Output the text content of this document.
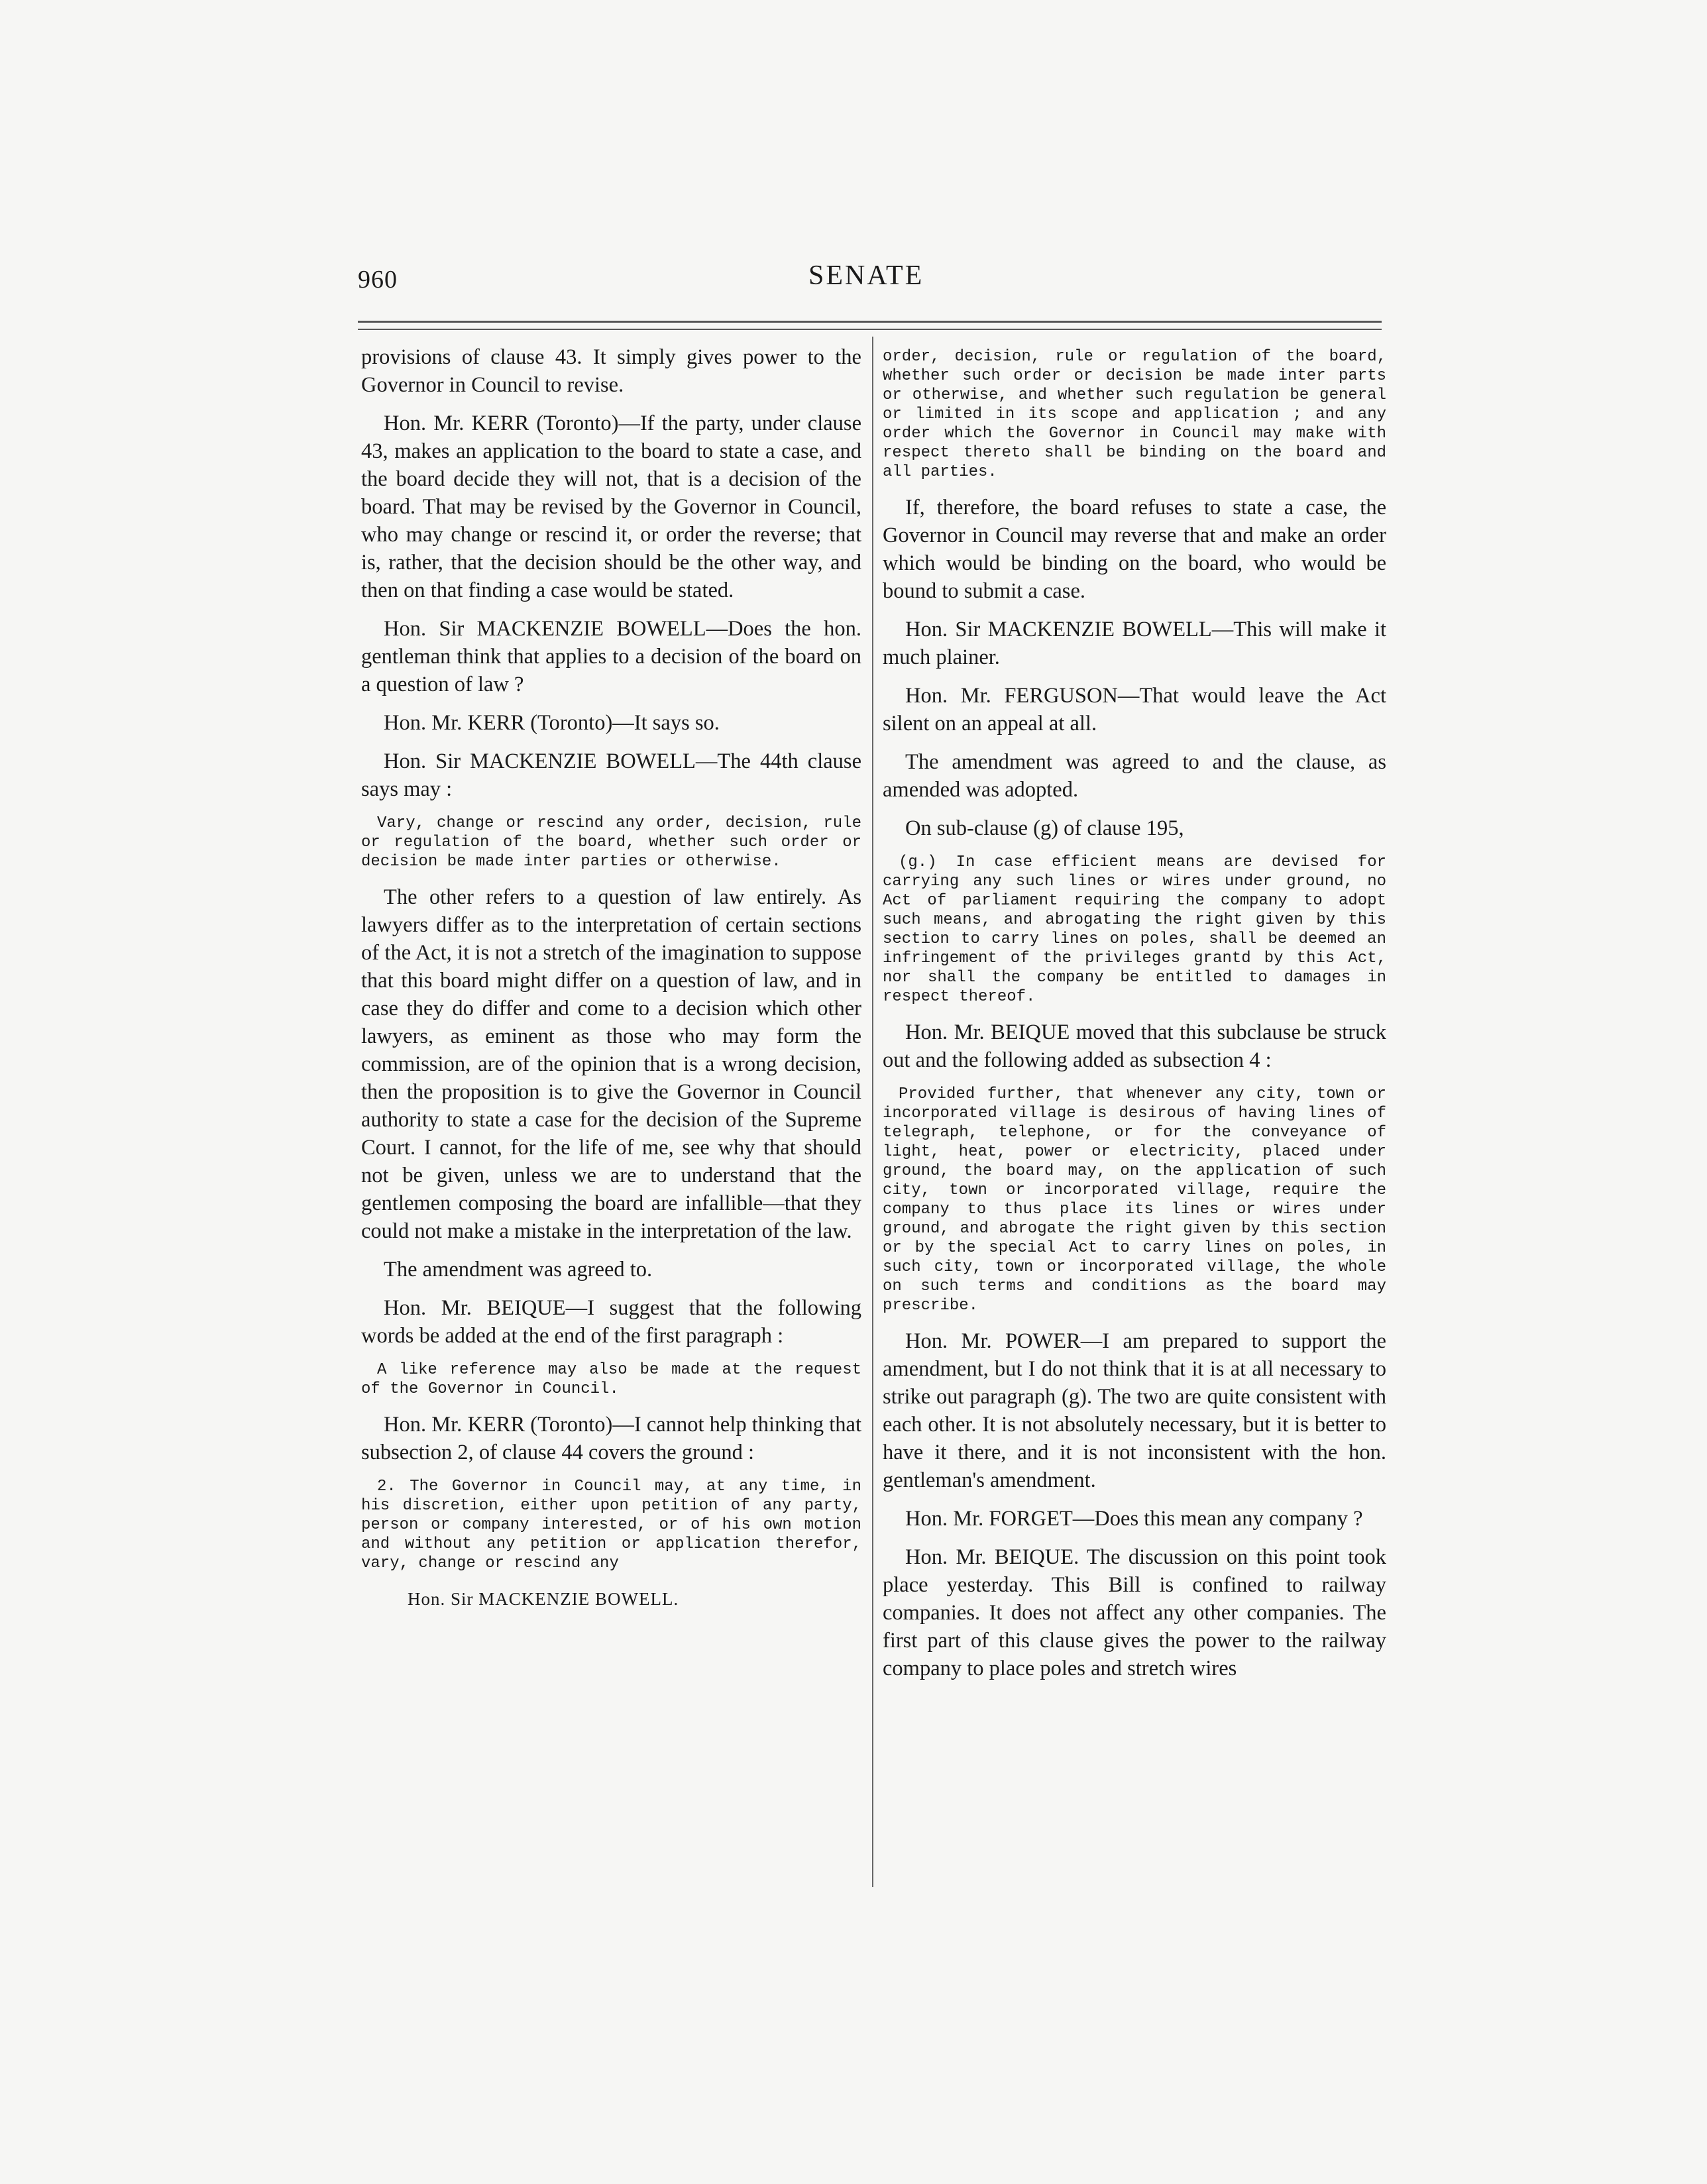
960	SENATE

provisions of clause 43. It simply gives power to the Governor in Council to revise.

Hon. Mr. KERR (Toronto)—If the party, under clause 43, makes an application to the board to state a case, and the board decide they will not, that is a decision of the board. That may be revised by the Governor in Council, who may change or rescind it, or order the reverse; that is, rather, that the decision should be the other way, and then on that finding a case would be stated.

Hon. Sir MACKENZIE BOWELL—Does the hon. gentleman think that applies to a decision of the board on a question of law ?

Hon. Mr. KERR (Toronto)—It says so.

Hon. Sir MACKENZIE BOWELL—The 44th clause says may :

Vary, change or rescind any order, decision, rule or regulation of the board, whether such order or decision be made inter parties or otherwise.

The other refers to a question of law entirely. As lawyers differ as to the interpretation of certain sections of the Act, it is not a stretch of the imagination to suppose that this board might differ on a question of law, and in case they do differ and come to a decision which other lawyers, as eminent as those who may form the commission, are of the opinion that is a wrong decision, then the proposition is to give the Governor in Council authority to state a case for the decision of the Supreme Court. I cannot, for the life of me, see why that should not be given, unless we are to understand that the gentlemen composing the board are infallible—that they could not make a mistake in the interpretation of the law.

The amendment was agreed to.

Hon. Mr. BEIQUE—I suggest that the following words be added at the end of the first paragraph :

A like reference may also be made at the request of the Governor in Council.

Hon. Mr. KERR (Toronto)—I cannot help thinking that subsection 2, of clause 44 covers the ground :

2. The Governor in Council may, at any time, in his discretion, either upon petition of any party, person or company interested, or of his own motion and without any petition or application therefor, vary, change or rescind any

Hon. Sir MACKENZIE BOWELL.

order, decision, rule or regulation of the board, whether such order or decision be made inter parts or otherwise, and whether such regulation be general or limited in its scope and application ; and any order which the Governor in Council may make with respect thereto shall be binding on the board and all parties.

If, therefore, the board refuses to state a case, the Governor in Council may reverse that and make an order which would be binding on the board, who would be bound to submit a case.

Hon. Sir MACKENZIE BOWELL—This will make it much plainer.

Hon. Mr. FERGUSON—That would leave the Act silent on an appeal at all.

The amendment was agreed to and the clause, as amended was adopted.

On sub-clause (g) of clause 195,

(g.) In case efficient means are devised for carrying any such lines or wires under ground, no Act of parliament requiring the company to adopt such means, and abrogating the right given by this section to carry lines on poles, shall be deemed an infringement of the privileges grantd by this Act, nor shall the company be entitled to damages in respect thereof.

Hon. Mr. BEIQUE moved that this subclause be struck out and the following added as subsection 4 :

Provided further, that whenever any city, town or incorporated village is desirous of having lines of telegraph, telephone, or for the conveyance of light, heat, power or electricity, placed under ground, the board may, on the application of such city, town or incorporated village, require the company to thus place its lines or wires under ground, and abrogate the right given by this section or by the special Act to carry lines on poles, in such city, town or incorporated village, the whole on such terms and conditions as the board may prescribe.

Hon. Mr. POWER—I am prepared to support the amendment, but I do not think that it is at all necessary to strike out paragraph (g). The two are quite consistent with each other. It is not absolutely necessary, but it is better to have it there, and it is not inconsistent with the hon. gentleman's amendment.

Hon. Mr. FORGET—Does this mean any company ?

Hon. Mr. BEIQUE. The discussion on this point took place yesterday. This Bill is confined to railway companies. It does not affect any other companies. The first part of this clause gives the power to the railway company to place poles and stretch wires
